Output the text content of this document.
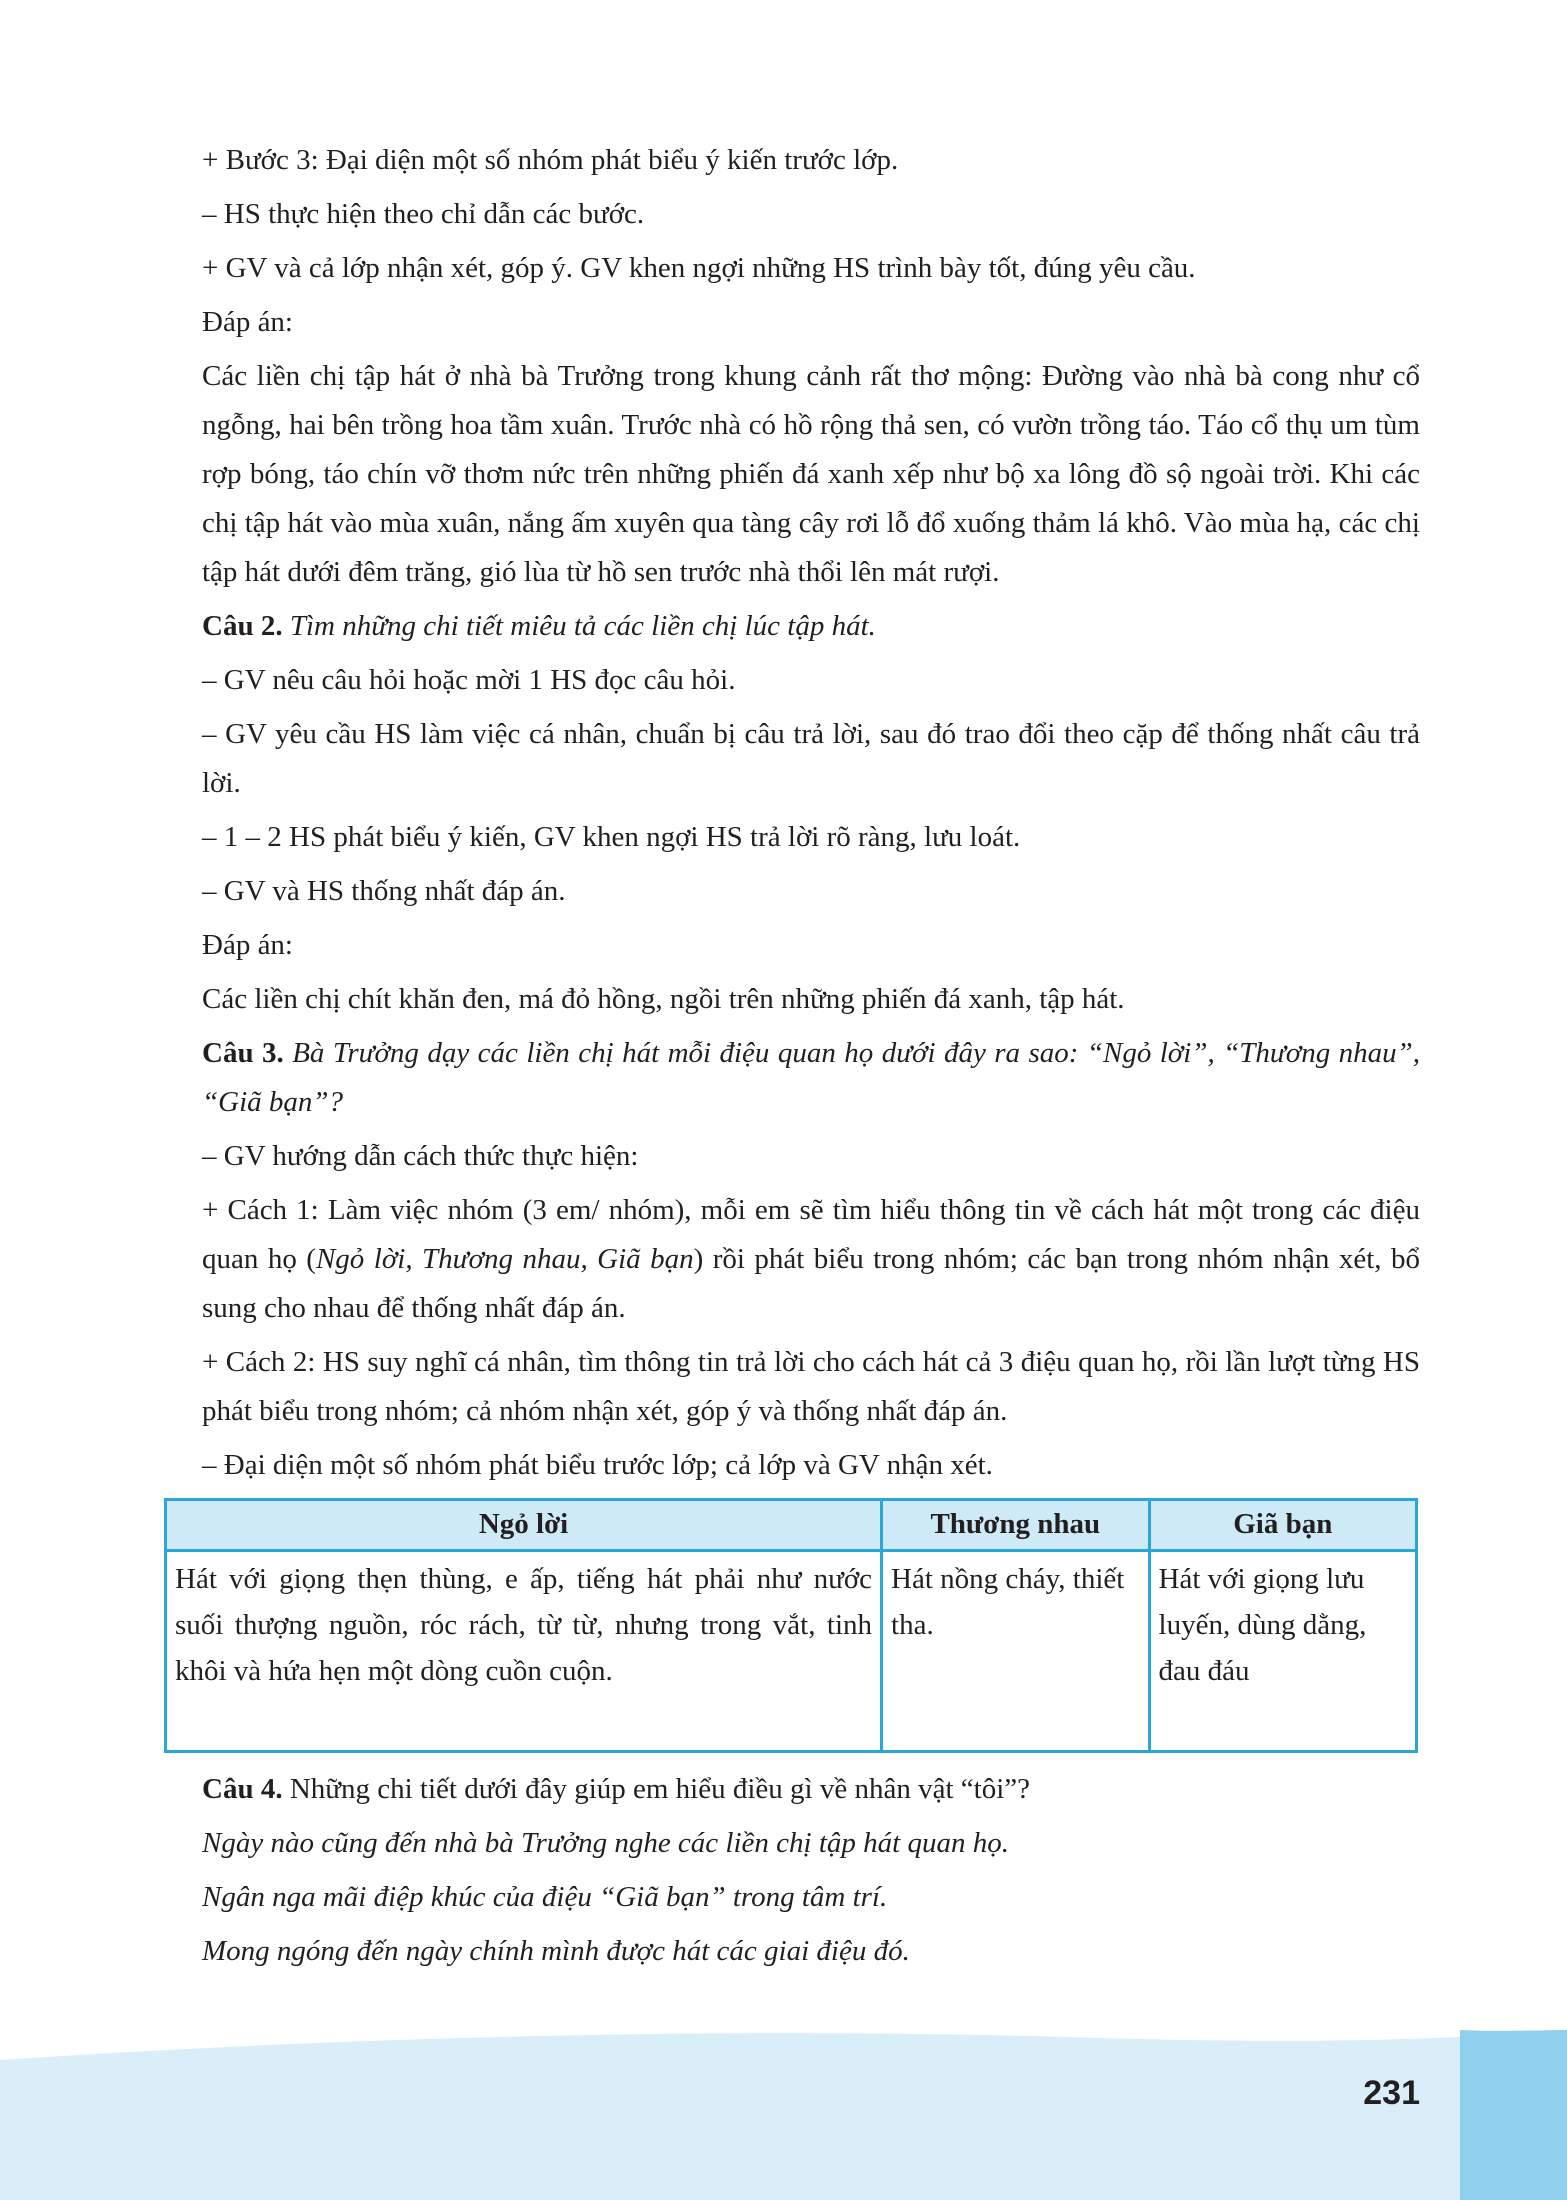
+ Bước 3: Đại diện một số nhóm phát biểu ý kiến trước lớp.

– HS thực hiện theo chỉ dẫn các bước.

+ GV và cả lớp nhận xét, góp ý. GV khen ngợi những HS trình bày tốt, đúng yêu cầu.

Đáp án:

Các liền chị tập hát ở nhà bà Trưởng trong khung cảnh rất thơ mộng: Đường vào nhà bà cong như cổ ngỗng, hai bên trồng hoa tầm xuân. Trước nhà có hồ rộng thả sen, có vườn trồng táo. Táo cổ thụ um tùm rợp bóng, táo chín vỡ thơm nức trên những phiến đá xanh xếp như bộ xa lông đồ sộ ngoài trời. Khi các chị tập hát vào mùa xuân, nắng ấm xuyên qua tàng cây rơi lỗ đổ xuống thảm lá khô. Vào mùa hạ, các chị tập hát dưới đêm trăng, gió lùa từ hồ sen trước nhà thổi lên mát rượi.

Câu 2. Tìm những chi tiết miêu tả các liền chị lúc tập hát.

– GV nêu câu hỏi hoặc mời 1 HS đọc câu hỏi.

– GV yêu cầu HS làm việc cá nhân, chuẩn bị câu trả lời, sau đó trao đổi theo cặp để thống nhất câu trả lời.

– 1 – 2 HS phát biểu ý kiến, GV khen ngợi HS trả lời rõ ràng, lưu loát.

– GV và HS thống nhất đáp án.

Đáp án:

Các liền chị chít khăn đen, má đỏ hồng, ngồi trên những phiến đá xanh, tập hát.

Câu 3. Bà Trưởng dạy các liền chị hát mỗi điệu quan họ dưới đây ra sao: “Ngỏ lời”, “Thương nhau”, “Giã bạn”?

– GV hướng dẫn cách thức thực hiện:

+ Cách 1: Làm việc nhóm (3 em/ nhóm), mỗi em sẽ tìm hiểu thông tin về cách hát một trong các điệu quan họ (Ngỏ lời, Thương nhau, Giã bạn) rồi phát biểu trong nhóm; các bạn trong nhóm nhận xét, bổ sung cho nhau để thống nhất đáp án.

+ Cách 2: HS suy nghĩ cá nhân, tìm thông tin trả lời cho cách hát cả 3 điệu quan họ, rồi lần lượt từng HS phát biểu trong nhóm; cả nhóm nhận xét, góp ý và thống nhất đáp án.

– Đại diện một số nhóm phát biểu trước lớp; cả lớp và GV nhận xét.

Ngỏ lời	Thương nhau	Giã bạn
Hát với giọng thẹn thùng, e ấp, tiếng hát phải như nước suối thượng nguồn, róc rách, từ từ, nhưng trong vắt, tinh khôi và hứa hẹn một dòng cuồn cuộn.	Hát nồng cháy, thiết tha.	Hát với giọng lưu luyến, dùng dằng, đau đáu

Câu 4. Những chi tiết dưới đây giúp em hiểu điều gì về nhân vật “tôi”?

Ngày nào cũng đến nhà bà Trưởng nghe các liền chị tập hát quan họ.

Ngân nga mãi điệp khúc của điệu “Giã bạn” trong tâm trí.

Mong ngóng đến ngày chính mình được hát các giai điệu đó.

231
